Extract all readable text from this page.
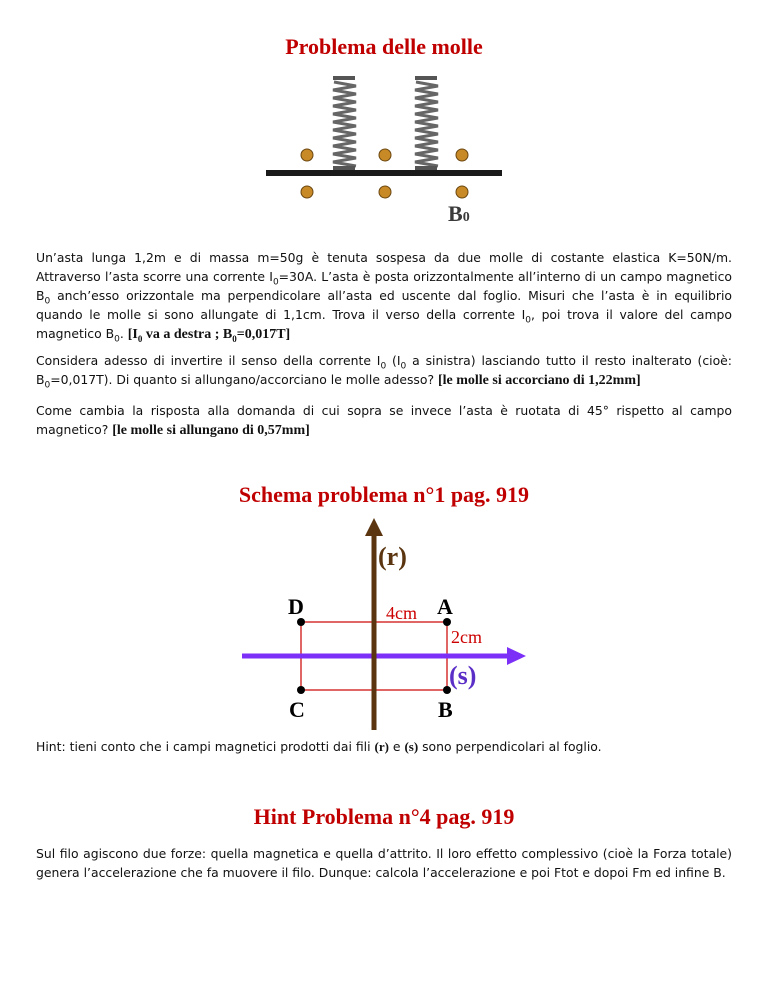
Problema delle molle
B0

Un’asta lunga 1,2m e di massa m=50g è tenuta sospesa da due molle di costante elastica K=50N/m. Attraverso l’asta scorre una corrente $I_0=30A$. L’asta è posta orizzontalmente all’interno di un campo magnetico $B_0$ anch’esso orizzontale ma perpendicolare all’asta ed uscente dal foglio. Misuri che l’asta è in equilibrio quando le molle si sono allungate di 1,1cm. Trova il verso della corrente $I_0$, poi trova il valore del campo magnetico $B_0$. [$I_0$ va a destra ; $B_0=0,017T$]

Considera adesso di invertire il senso della corrente $I_0$ ($I_0$ a sinistra) lasciando tutto il resto inalterato (cioè: $B_0=0,017T$). Di quanto si allungano/accorciano le molle adesso? [le molle si accorciano di 1,22mm]

Come cambia la risposta alla domanda di cui sopra se invece l’asta è ruotata di 45° rispetto al campo magnetico? [le molle si allungano di 0,57mm]

Schema problema n°1 pag. 919
(r)
D	4cm A
2cm
(s)
C	B

Hint: tieni conto che i campi magnetici prodotti dai fili (r) e (s) sono perpendicolari al foglio.

Hint Problema n°4 pag. 919

Sul filo agiscono due forze: quella magnetica e quella d’attrito. Il loro effetto complessivo (cioè la Forza totale) genera l’accelerazione che fa muovere il filo. Dunque: calcola l’accelerazione e poi Ftot e dopoi Fm ed infine B.
